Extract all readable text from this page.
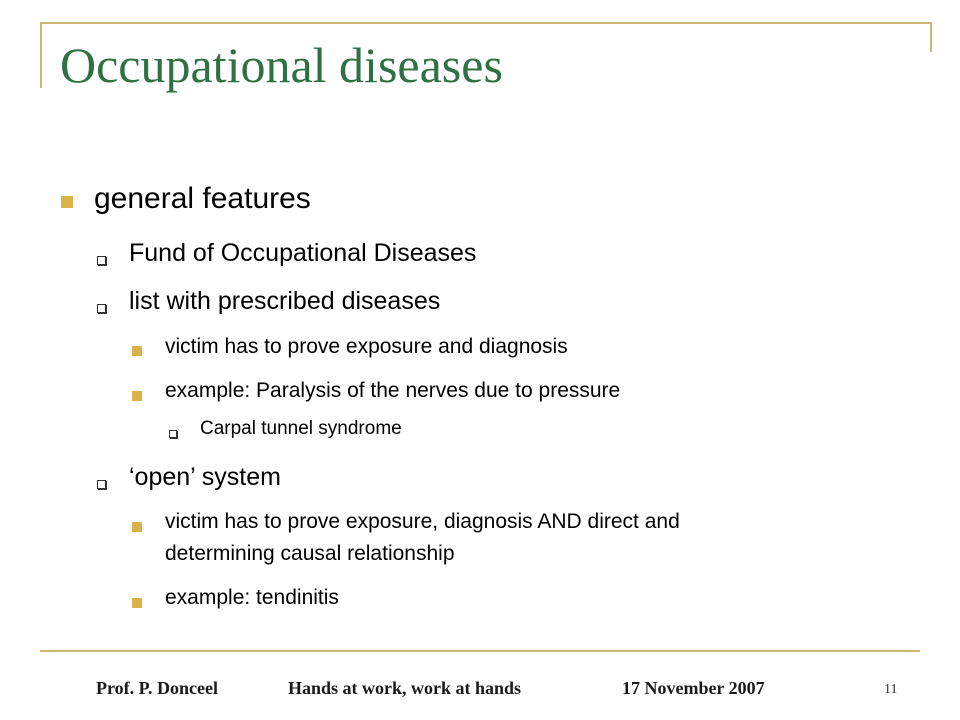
Occupational diseases
general features
Fund of Occupational Diseases
list with prescribed diseases
victim has to prove exposure and diagnosis
example: Paralysis of the nerves due to pressure
Carpal tunnel syndrome
‘open’ system
victim has to prove exposure, diagnosis AND direct and
determining causal relationship
example: tendinitis
Prof. P. Donceel	Hands at work, work at hands	17 November 2007	11
